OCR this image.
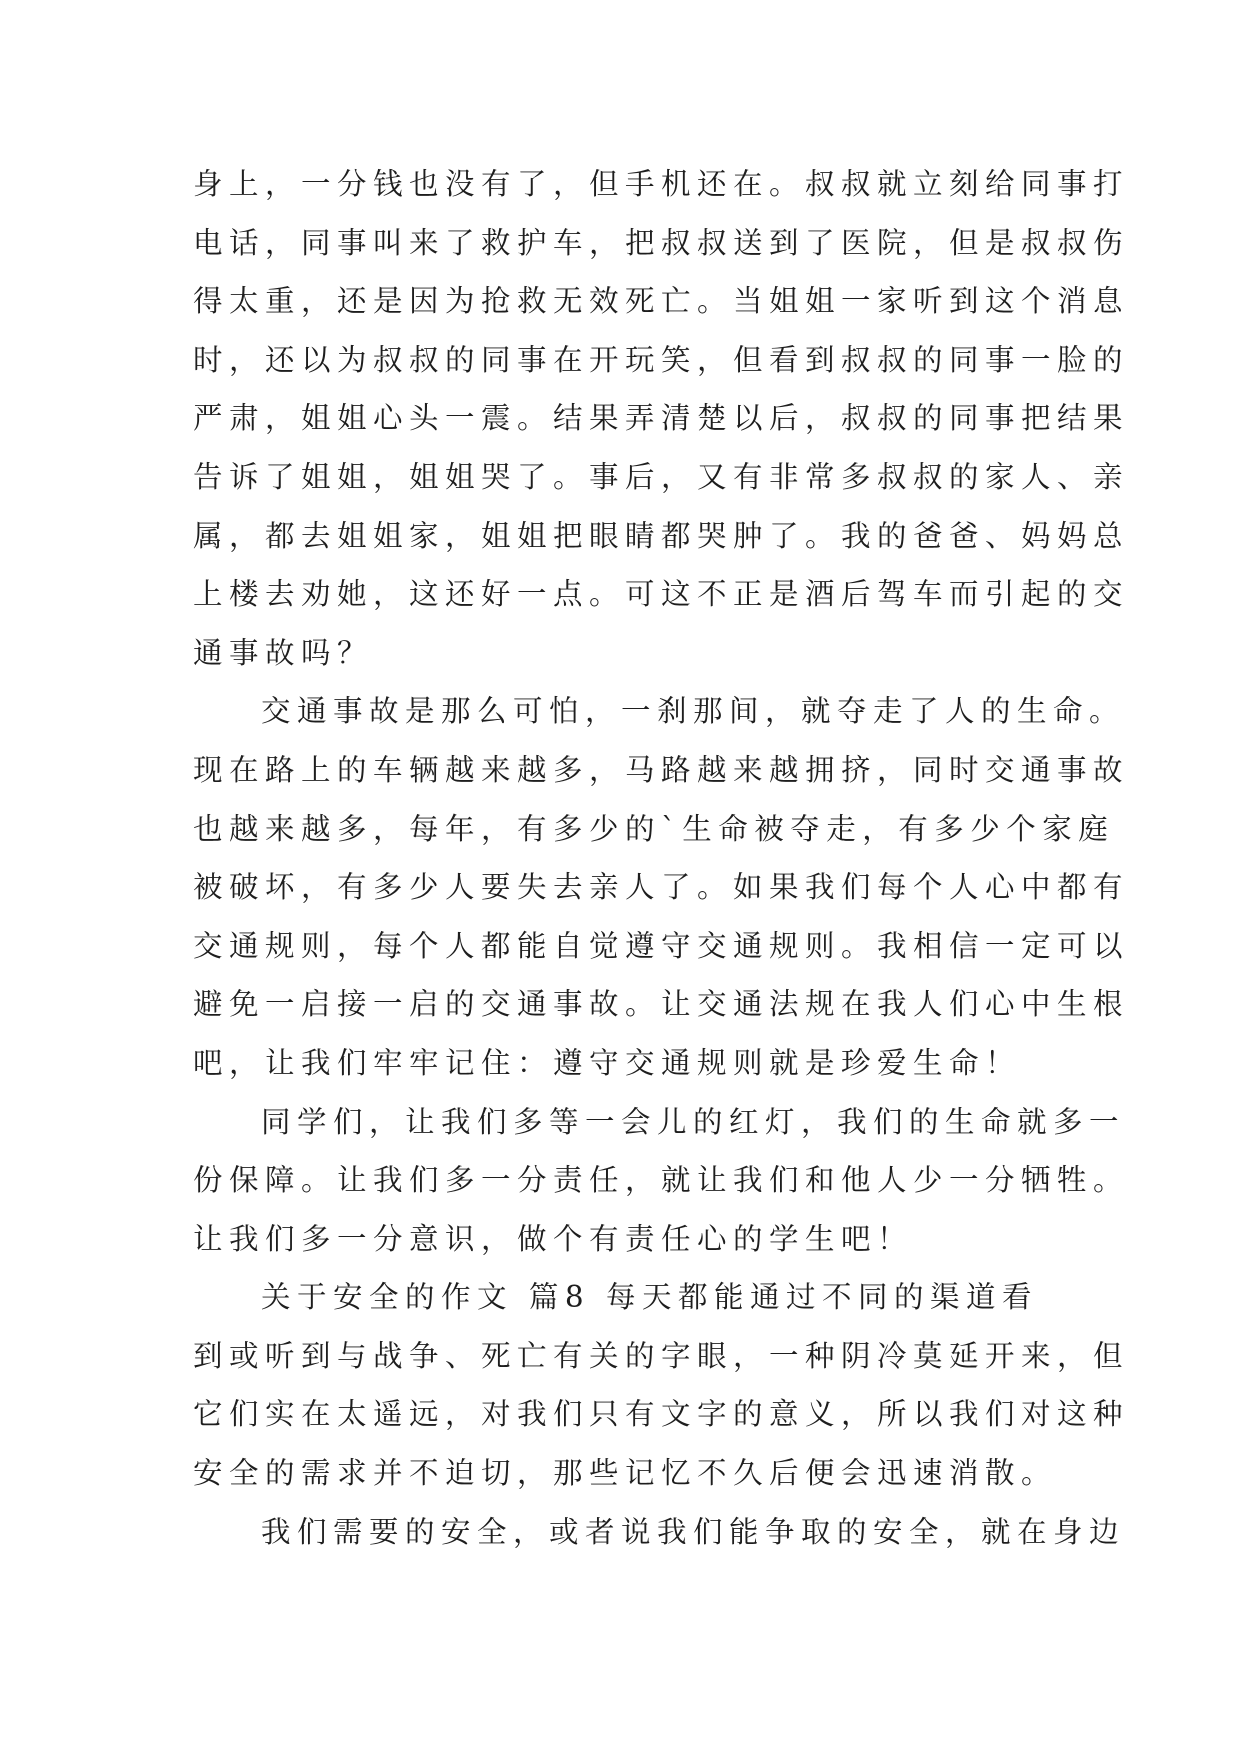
身上，一分钱也没有了，但手机还在。叔叔就立刻给同事打
电话，同事叫来了救护车，把叔叔送到了医院，但是叔叔伤
得太重，还是因为抢救无效死亡。当姐姐一家听到这个消息
时，还以为叔叔的同事在开玩笑，但看到叔叔的同事一脸的
严肃，姐姐心头一震。结果弄清楚以后，叔叔的同事把结果
告诉了姐姐，姐姐哭了。事后，又有非常多叔叔的家人、亲
属，都去姐姐家，姐姐把眼睛都哭肿了。我的爸爸、妈妈总
上楼去劝她，这还好一点。可这不正是酒后驾车而引起的交
通事故吗？
交通事故是那么可怕，一刹那间，就夺走了人的生命。
现在路上的车辆越来越多，马路越来越拥挤，同时交通事故
也越来越多，每年，有多少的`生命被夺走，有多少个家庭
被破坏，有多少人要失去亲人了。如果我们每个人心中都有
交通规则，每个人都能自觉遵守交通规则。我相信一定可以
避免一启接一启的交通事故。让交通法规在我人们心中生根
吧，让我们牢牢记住：遵守交通规则就是珍爱生命！
同学们，让我们多等一会儿的红灯，我们的生命就多一
份保障。让我们多一分责任，就让我们和他人少一分牺牲。
让我们多一分意识，做个有责任心的学生吧！
关于安全的作文 篇8 每天都能通过不同的渠道看
到或听到与战争、死亡有关的字眼，一种阴冷莫延开来，但
它们实在太遥远，对我们只有文字的意义，所以我们对这种
安全的需求并不迫切，那些记忆不久后便会迅速消散。
我们需要的安全，或者说我们能争取的安全，就在身边
